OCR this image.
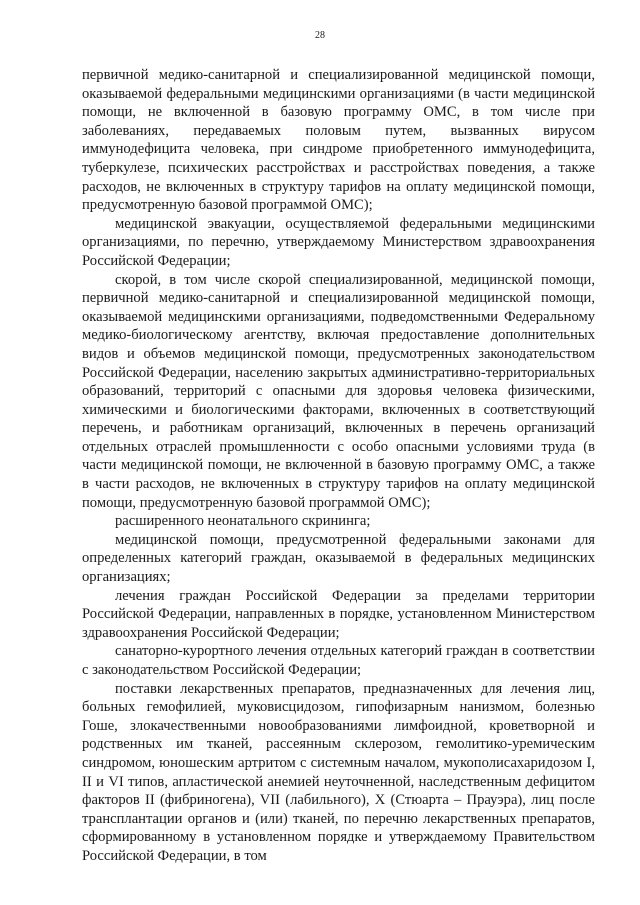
28

первичной медико-санитарной и специализированной медицинской помощи, оказываемой федеральными медицинскими организациями (в части медицинской помощи, не включенной в базовую программу ОМС, в том числе при заболеваниях, передаваемых половым путем, вызванных вирусом иммунодефицита человека, при синдроме приобретенного иммунодефицита, туберкулезе, психических расстройствах и расстройствах поведения, а также расходов, не включенных в структуру тарифов на оплату медицинской помощи, предусмотренную базовой программой ОМС);

медицинской эвакуации, осуществляемой федеральными медицинскими организациями, по перечню, утверждаемому Министерством здравоохранения Российской Федерации;

скорой, в том числе скорой специализированной, медицинской помощи, первичной медико-санитарной и специализированной медицинской помощи, оказываемой медицинскими организациями, подведомственными Федеральному медико-биологическому агентству, включая предоставление дополнительных видов и объемов медицинской помощи, предусмотренных законодательством Российской Федерации, населению закрытых административно-территориальных образований, территорий с опасными для здоровья человека физическими, химическими и биологическими факторами, включенных в соответствующий перечень, и работникам организаций, включенных в перечень организаций отдельных отраслей промышленности с особо опасными условиями труда (в части медицинской помощи, не включенной в базовую программу ОМС, а также в части расходов, не включенных в структуру тарифов на оплату медицинской помощи, предусмотренную базовой программой ОМС);

расширенного неонатального скрининга;

медицинской помощи, предусмотренной федеральными законами для определенных категорий граждан, оказываемой в федеральных медицинских организациях;

лечения граждан Российской Федерации за пределами территории Российской Федерации, направленных в порядке, установленном Министерством здравоохранения Российской Федерации;

санаторно-курортного лечения отдельных категорий граждан в соответствии с законодательством Российской Федерации;

поставки лекарственных препаратов, предназначенных для лечения лиц, больных гемофилией, муковисцидозом, гипофизарным нанизмом, болезнью Гоше, злокачественными новообразованиями лимфоидной, кроветворной и родственных им тканей, рассеянным склерозом, гемолитико-уремическим синдромом, юношеским артритом с системным началом, мукополисахаридозом I, II и VI типов, апластической анемией неуточненной, наследственным дефицитом факторов II (фибриногена), VII (лабильного), X (Стюарта – Прауэра), лиц после трансплантации органов и (или) тканей, по перечню лекарственных препаратов, сформированному в установленном порядке и утверждаемому Правительством Российской Федерации, в том
